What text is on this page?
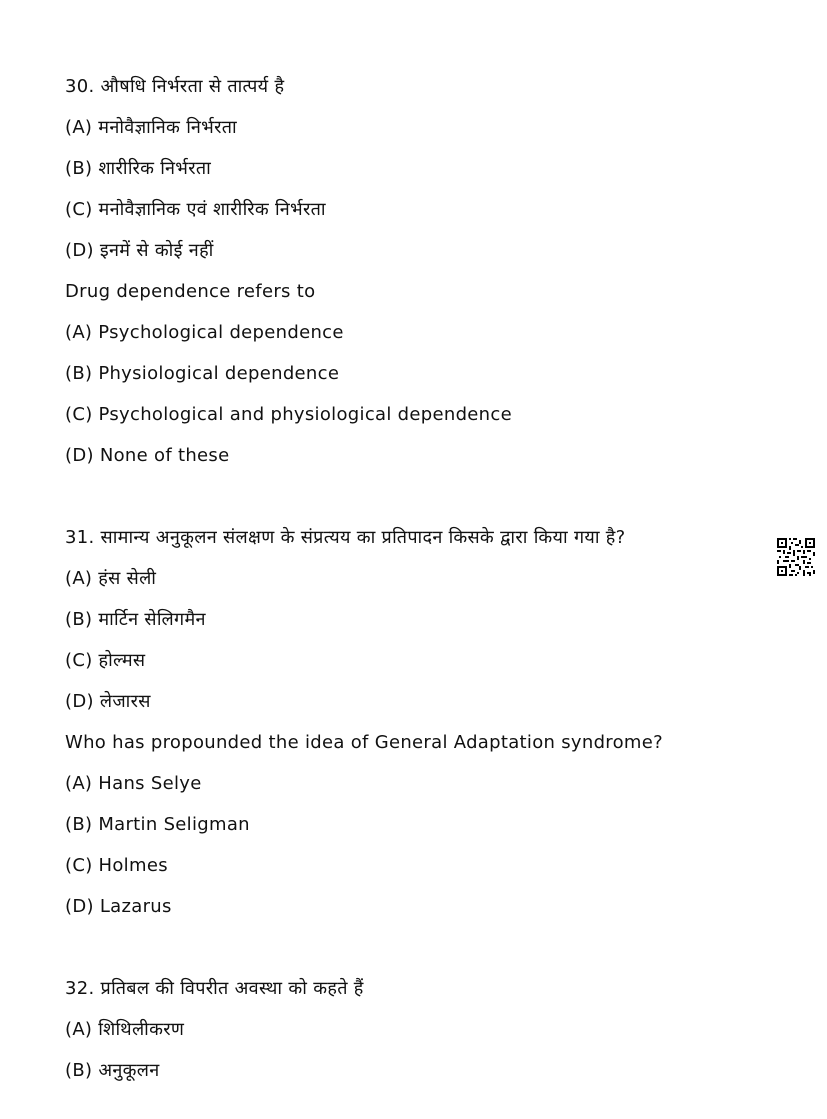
30. औषधि निर्भरता से तात्पर्य है
(A) मनोवैज्ञानिक निर्भरता
(B) शारीरिक निर्भरता
(C) मनोवैज्ञानिक एवं शारीरिक निर्भरता
(D) इनमें से कोई नहीं
Drug dependence refers to
(A) Psychological dependence
(B) Physiological dependence
(C) Psychological and physiological dependence
(D) None of these
31. सामान्य अनुकूलन संलक्षण के संप्रत्यय का प्रतिपादन किसके द्वारा किया गया है?
(A) हंस सेली
(B) मार्टिन सेलिगमैन
(C) होल्मस
(D) लेजारस
Who has propounded the idea of General Adaptation syndrome?
(A) Hans Selye
(B) Martin Seligman
(C) Holmes
(D) Lazarus
32. प्रतिबल की विपरीत अवस्था को कहते हैं
(A) शिथिलीकरण
(B) अनुकूलन
